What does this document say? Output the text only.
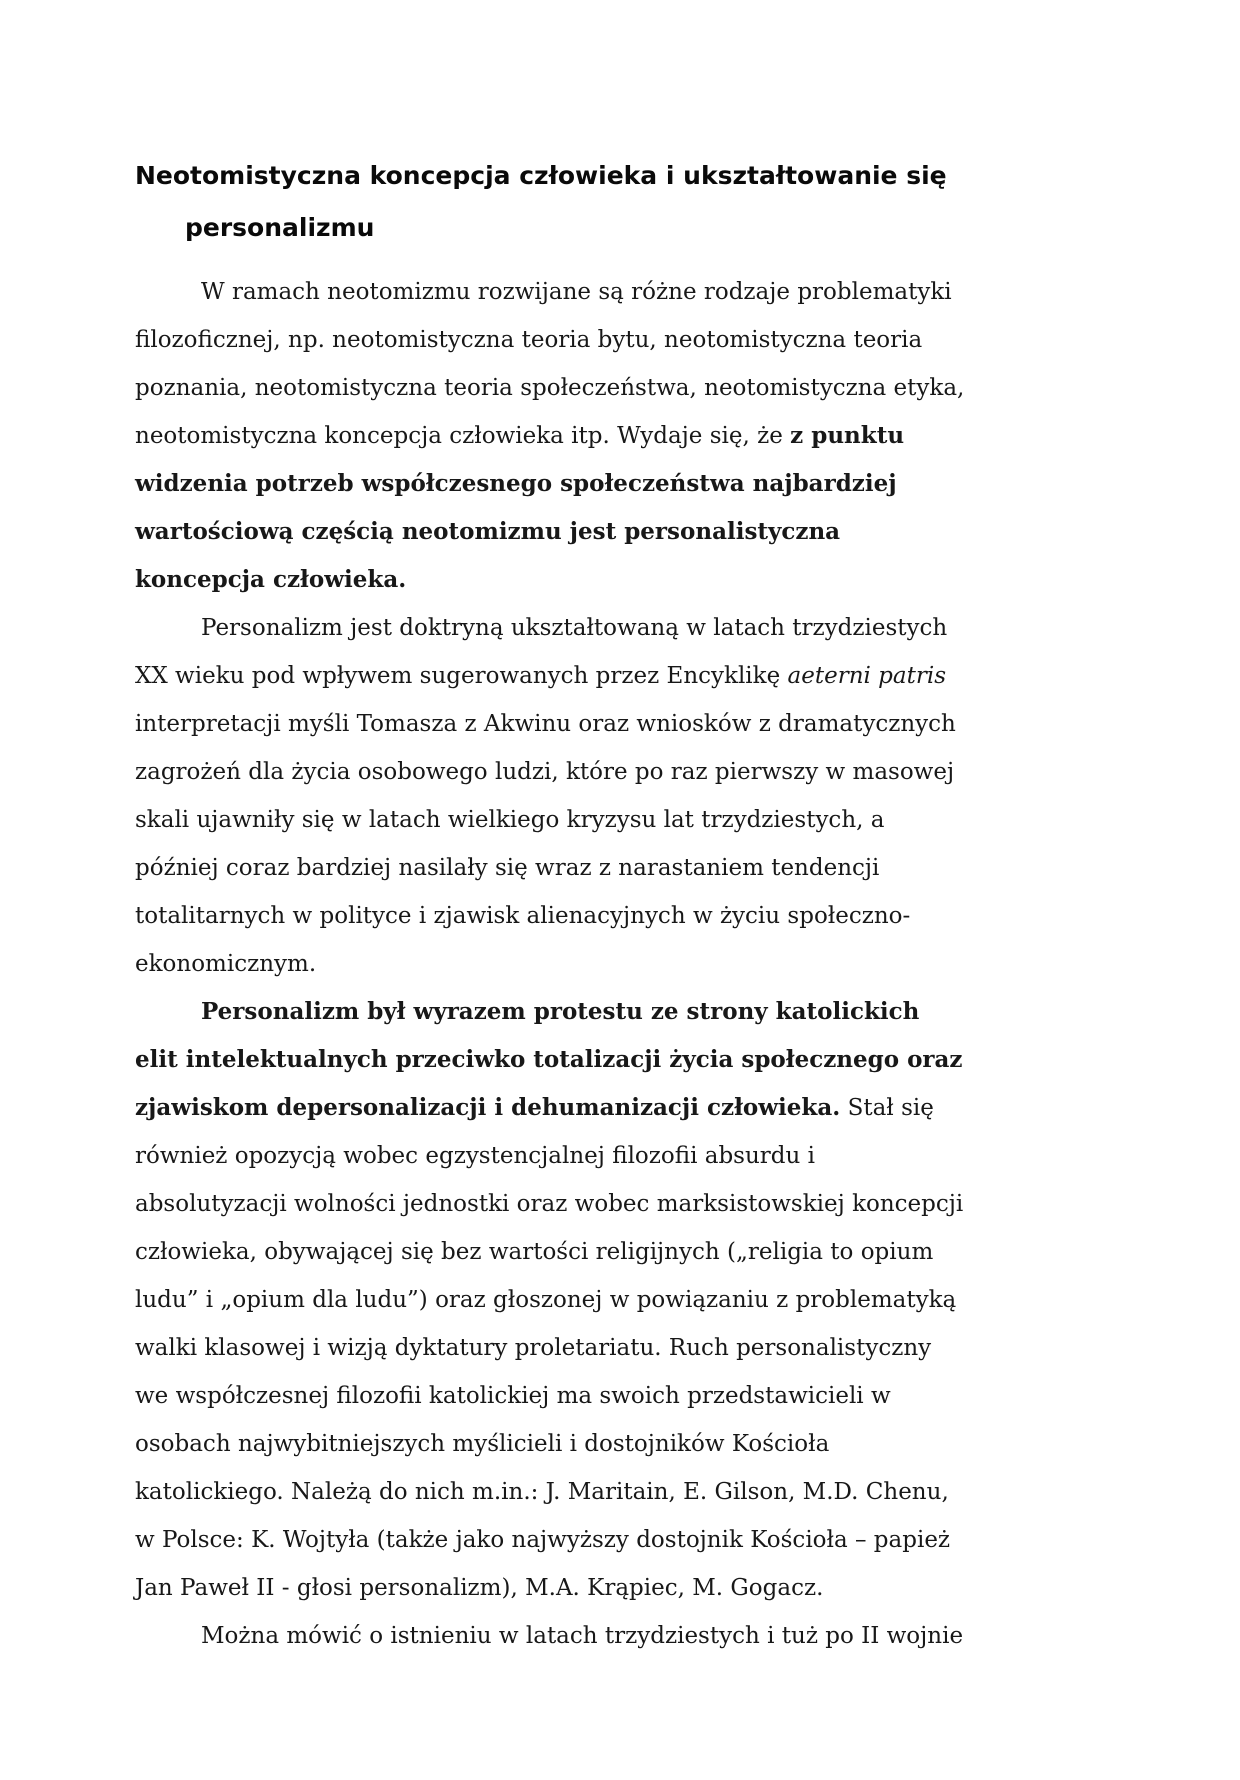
Neotomistyczna koncepcja człowieka i ukształtowanie się
personalizmu

W ramach neotomizmu rozwijane są różne rodzaje problematyki filozoficznej, np. neotomistyczna teoria bytu, neotomistyczna teoria poznania, neotomistyczna teoria społeczeństwa, neotomistyczna etyka, neotomistyczna koncepcja człowieka itp. Wydaje się, że z punktu widzenia potrzeb współczesnego społeczeństwa najbardziej wartościową częścią neotomizmu jest personalistyczna koncepcja człowieka.

Personalizm jest doktryną ukształtowaną w latach trzydziestych XX wieku pod wpływem sugerowanych przez Encyklikę aeterni patris interpretacji myśli Tomasza z Akwinu oraz wniosków z dramatycznych zagrożeń dla życia osobowego ludzi, które po raz pierwszy w masowej skali ujawniły się w latach wielkiego kryzysu lat trzydziestych, a później coraz bardziej nasilały się wraz z narastaniem tendencji totalitarnych w polityce i zjawisk alienacyjnych w życiu społeczno-ekonomicznym.

Personalizm był wyrazem protestu ze strony katolickich elit intelektualnych przeciwko totalizacji życia społecznego oraz zjawiskom depersonalizacji i dehumanizacji człowieka. Stał się również opozycją wobec egzystencjalnej filozofii absurdu i absolutyzacji wolności jednostki oraz wobec marksistowskiej koncepcji człowieka, obywającej się bez wartości religijnych („religia to opium ludu” i „opium dla ludu”) oraz głoszonej w powiązaniu z problematyką walki klasowej i wizją dyktatury proletariatu. Ruch personalistyczny we współczesnej filozofii katolickiej ma swoich przedstawicieli w osobach najwybitniejszych myślicieli i dostojników Kościoła katolickiego. Należą do nich m.in.: J. Maritain, E. Gilson, M.D. Chenu, w Polsce: K. Wojtyła (także jako najwyższy dostojnik Kościoła – papież Jan Paweł II - głosi personalizm), M.A. Krąpiec, M. Gogacz.

Można mówić o istnieniu w latach trzydziestych i tuż po II wojnie
